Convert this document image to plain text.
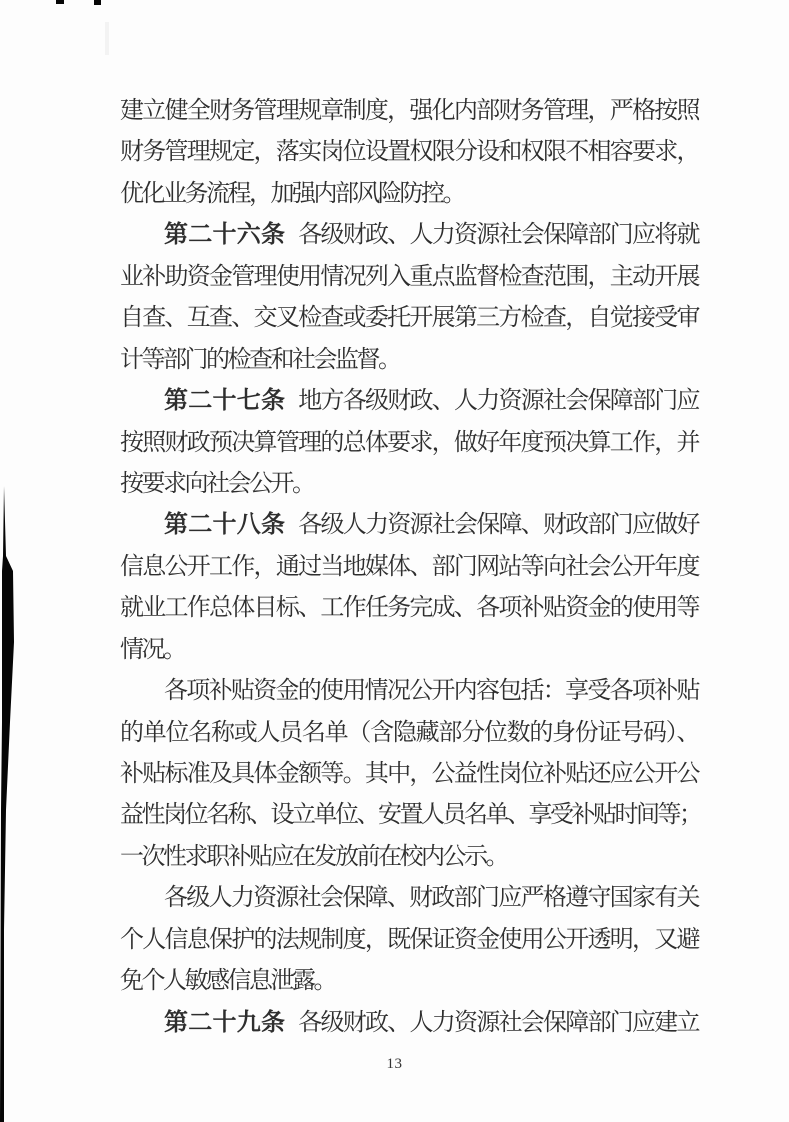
建立健全财务管理规章制度，强化内部财务管理，严格按照
财务管理规定，落实岗位设置权限分设和权限不相容要求，
优化业务流程，加强内部风险防控。
第二十六条 各级财政、人力资源社会保障部门应将就
业补助资金管理使用情况列入重点监督检查范围，主动开展
自查、互查、交叉检查或委托开展第三方检查，自觉接受审
计等部门的检查和社会监督。
第二十七条 地方各级财政、人力资源社会保障部门应
按照财政预决算管理的总体要求，做好年度预决算工作，并
按要求向社会公开。
第二十八条 各级人力资源社会保障、财政部门应做好
信息公开工作，通过当地媒体、部门网站等向社会公开年度
就业工作总体目标、工作任务完成、各项补贴资金的使用等
情况。
各项补贴资金的使用情况公开内容包括：享受各项补贴
的单位名称或人员名单（含隐藏部分位数的身份证号码）、
补贴标准及具体金额等。其中，公益性岗位补贴还应公开公
益性岗位名称、设立单位、安置人员名单、享受补贴时间等；
一次性求职补贴应在发放前在校内公示。
各级人力资源社会保障、财政部门应严格遵守国家有关
个人信息保护的法规制度，既保证资金使用公开透明，又避
免个人敏感信息泄露。
第二十九条 各级财政、人力资源社会保障部门应建立
13
